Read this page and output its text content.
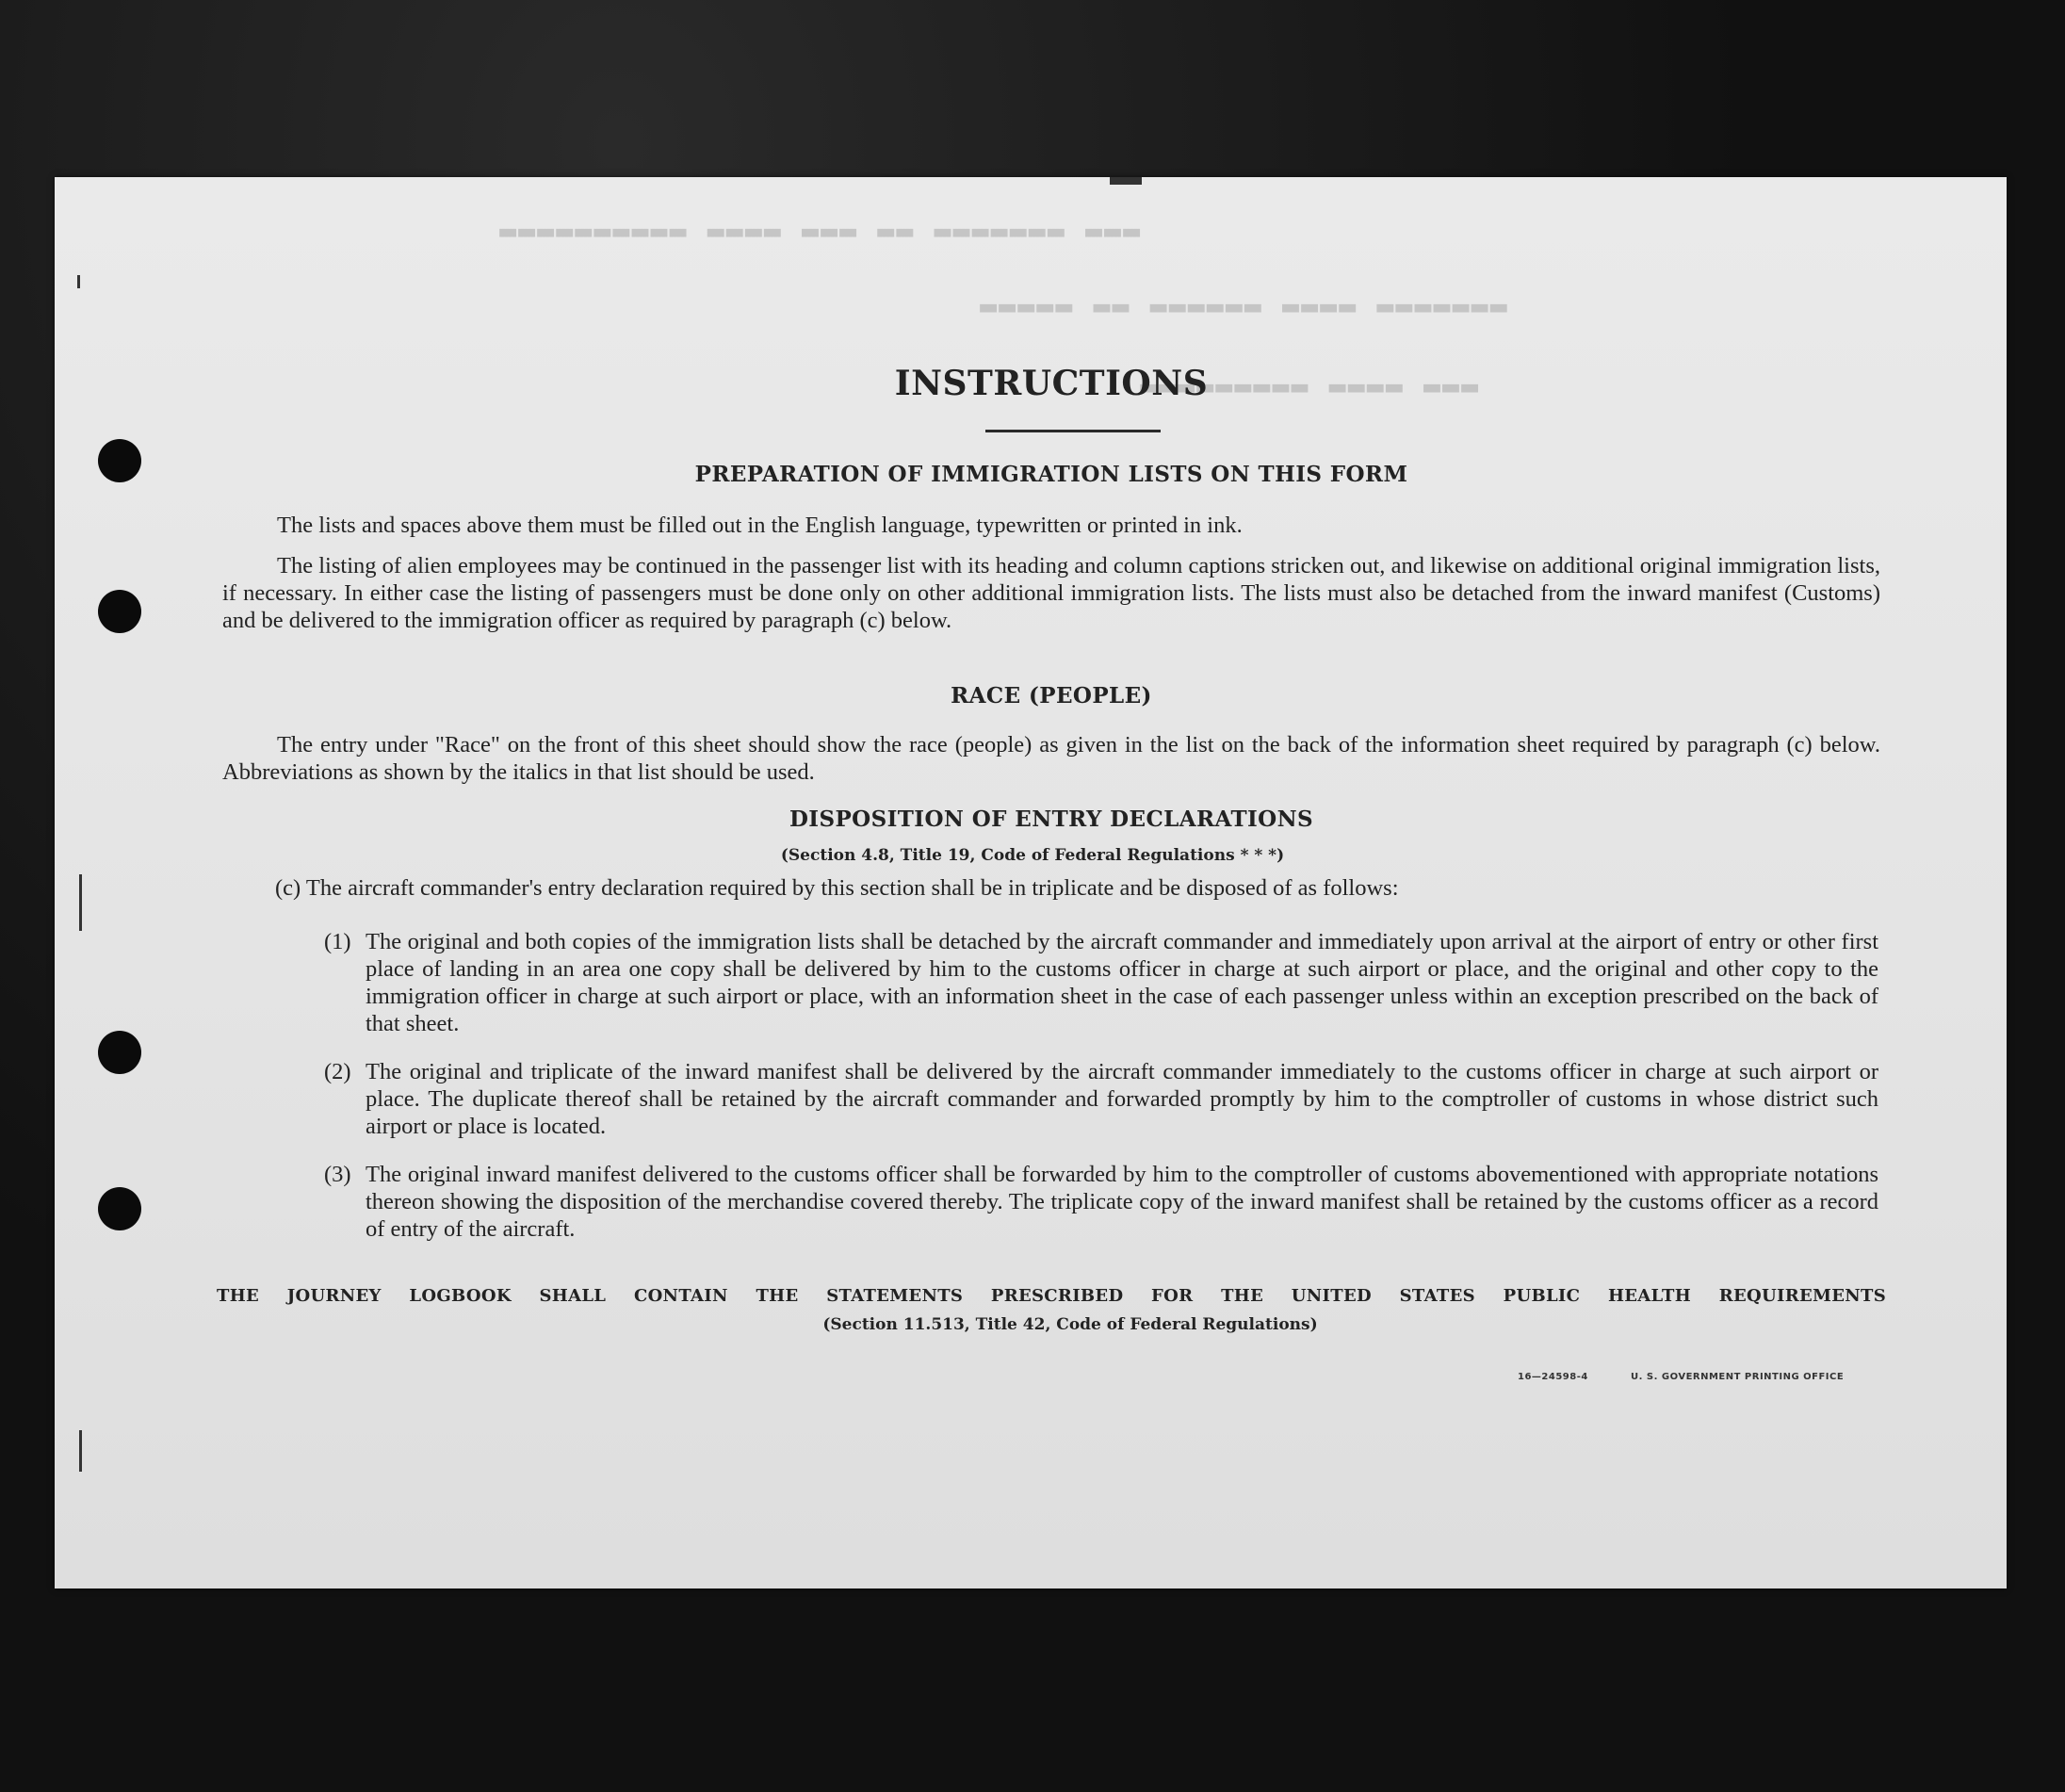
▬▬▬ ▬▬▬▬▬▬▬ ▬▬ ▬▬▬ ▬▬▬▬ ▬▬▬▬▬▬▬▬▬▬
▬▬▬▬▬▬▬ ▬▬▬▬ ▬▬▬▬▬▬ ▬▬ ▬▬▬▬▬
▬▬▬ ▬▬▬▬ ▬▬▬▬▬▬▬▬▬
INSTRUCTIONS
PREPARATION OF IMMIGRATION LISTS ON THIS FORM

The lists and spaces above them must be filled out in the English language, typewritten or printed in ink.

The listing of alien employees may be continued in the passenger list with its heading and column captions stricken out, and likewise on additional original immigration lists, if necessary. In either case the listing of passengers must be done only on other additional immigration lists. The lists must also be detached from the inward manifest (Customs) and be delivered to the immigration officer as required by paragraph (c) below.

RACE (PEOPLE)

The entry under "Race" on the front of this sheet should show the race (people) as given in the list on the back of the information sheet required by paragraph (c) below. Abbreviations as shown by the italics in that list should be used.

DISPOSITION OF ENTRY DECLARATIONS
(Section 4.8, Title 19, Code of Federal Regulations * * *)

(c) The aircraft commander's entry declaration required by this section shall be in triplicate and be disposed of as follows:

(1) The original and both copies of the immigration lists shall be detached by the aircraft commander and immediately upon arrival at the airport of entry or other first place of landing in an area one copy shall be delivered by him to the customs officer in charge at such airport or place, and the original and other copy to the immigration officer in charge at such airport or place, with an information sheet in the case of each passenger unless within an exception prescribed on the back of that sheet.
(2) The original and triplicate of the inward manifest shall be delivered by the aircraft commander immediately to the customs officer in charge at such airport or place. The duplicate thereof shall be retained by the aircraft commander and forwarded promptly by him to the comptroller of customs in whose district such airport or place is located.
(3) The original inward manifest delivered to the customs officer shall be forwarded by him to the comptroller of customs abovementioned with appropriate notations thereon showing the disposition of the merchandise covered thereby. The triplicate copy of the inward manifest shall be retained by the customs officer as a record of entry of the aircraft.
THE JOURNEY LOGBOOK SHALL CONTAIN THE STATEMENTS PRESCRIBED FOR THE UNITED STATES PUBLIC HEALTH REQUIREMENTS
(Section 11.513, Title 42, Code of Federal Regulations)
16—24598-4	U. S. GOVERNMENT PRINTING OFFICE
